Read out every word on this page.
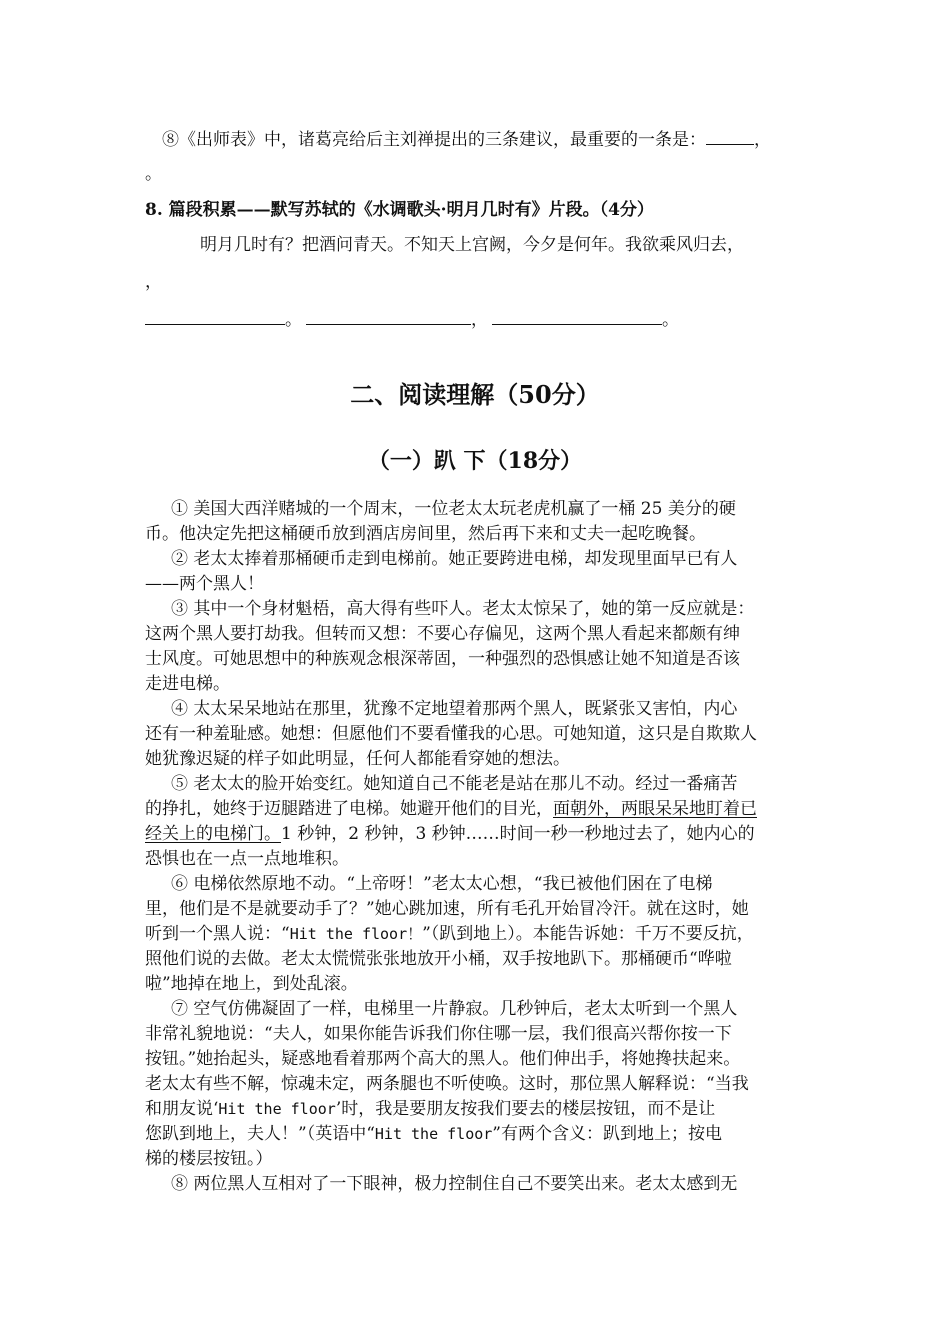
⑧《出师表》中，诸葛亮给后主刘禅提出的三条建议，最重要的一条是：	，
。
8. 篇段积累——默写苏轼的《水调歌头·明月几时有》片段。（4分）
明月几时有？把酒问青天。不知天上宫阙，今夕是何年。我欲乘风归去，
，
。	，	。
二、阅读理解（50分）
（一）趴 下（18分）
① 美国大西洋赌城的一个周末，一位老太太玩老虎机赢了一桶 25 美分的硬
币。他决定先把这桶硬币放到酒店房间里，然后再下来和丈夫一起吃晚餐。
② 老太太捧着那桶硬币走到电梯前。她正要跨进电梯，却发现里面早已有人
——两个黑人！
③ 其中一个身材魁梧，高大得有些吓人。老太太惊呆了，她的第一反应就是：
这两个黑人要打劫我。但转而又想：不要心存偏见，这两个黑人看起来都颇有绅
士风度。可她思想中的种族观念根深蒂固，一种强烈的恐惧感让她不知道是否该
走进电梯。
④ 太太呆呆地站在那里，犹豫不定地望着那两个黑人，既紧张又害怕，内心
还有一种羞耻感。她想：但愿他们不要看懂我的心思。可她知道，这只是自欺欺人
她犹豫迟疑的样子如此明显，任何人都能看穿她的想法。
⑤ 老太太的脸开始变红。她知道自己不能老是站在那儿不动。经过一番痛苦
的挣扎，她终于迈腿踏进了电梯。她避开他们的目光，面朝外，两眼呆呆地盯着已
经关上的电梯门。1 秒钟，2 秒钟，3 秒钟……时间一秒一秒地过去了，她内心的
恐惧也在一点一点地堆积。
⑥ 电梯依然原地不动。“上帝呀！”老太太心想，“我已被他们困在了电梯
里，他们是不是就要动手了？”她心跳加速，所有毛孔开始冒冷汗。就在这时，她
听到一个黑人说：“Hit the floor！”（趴到地上）。本能告诉她：千万不要反抗，
照他们说的去做。老太太慌慌张张地放开小桶，双手按地趴下。那桶硬币“哗啦
啦”地掉在地上，到处乱滚。
⑦ 空气仿佛凝固了一样，电梯里一片静寂。几秒钟后，老太太听到一个黑人
非常礼貌地说：“夫人，如果你能告诉我们你住哪一层，我们很高兴帮你按一下
按钮。”她抬起头，疑惑地看着那两个高大的黑人。他们伸出手，将她搀扶起来。
老太太有些不解，惊魂未定，两条腿也不听使唤。这时，那位黑人解释说：“当我
和朋友说‘Hit the floor’时，我是要朋友按我们要去的楼层按钮，而不是让
您趴到地上，夫人！”（英语中“Hit the floor”有两个含义：趴到地上；按电
梯的楼层按钮。）
⑧ 两位黑人互相对了一下眼神，极力控制住自己不要笑出来。老太太感到无
